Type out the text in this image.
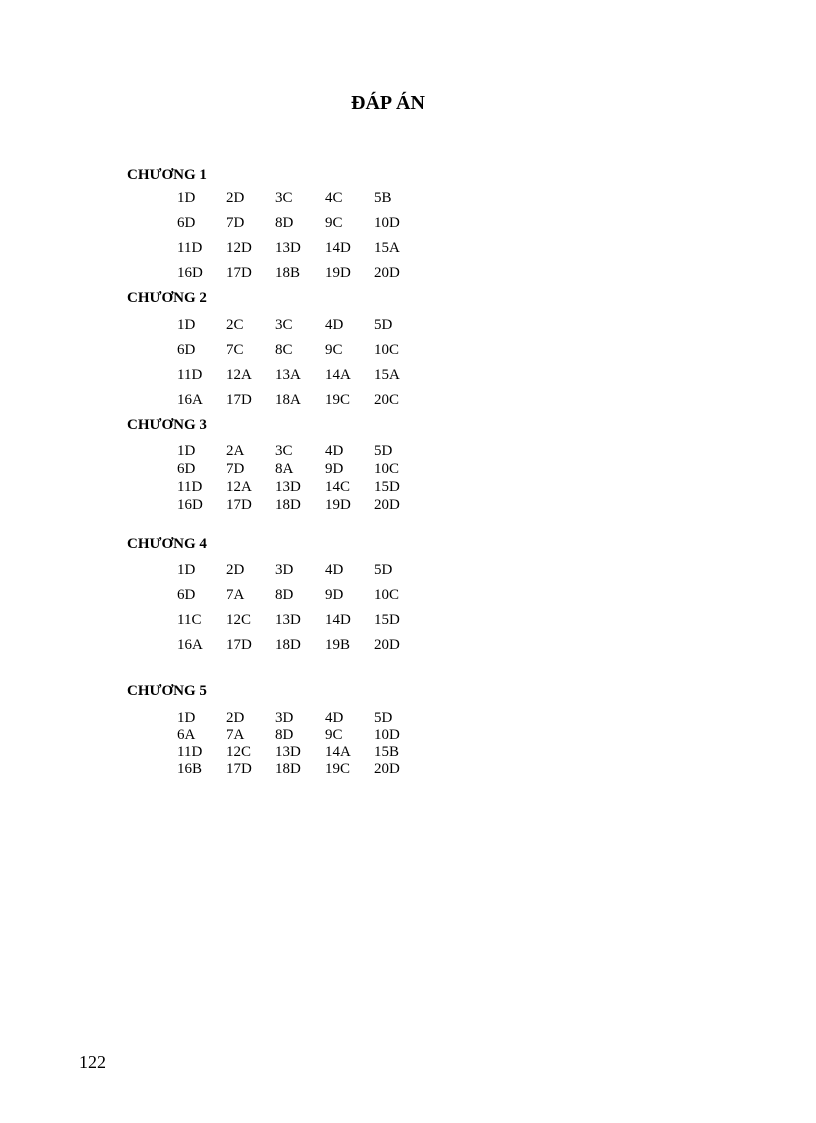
ĐÁP ÁN
CHƯƠNG 1
1D 2D 3C 4C 5B
6D 7D 8D 9C 10D
11D 12D 13D 14D 15A
16D 17D 18B 19D 20D
CHƯƠNG 2
1D 2C 3C 4D 5D
6D 7C 8C 9C 10C
11D 12A 13A 14A 15A
16A 17D 18A 19C 20C
CHƯƠNG 3
1D 2A 3C 4D 5D
6D 7D 8A 9D 10C
11D 12A 13D 14C 15D
16D 17D 18D 19D 20D
CHƯƠNG 4
1D 2D 3D 4D 5D
6D 7A 8D 9D 10C
11C 12C 13D 14D 15D
16A 17D 18D 19B 20D
CHƯƠNG 5
1D 2D 3D 4D 5D
6A 7A 8D 9C 10D
11D 12C 13D 14A 15B
16B 17D 18D 19C 20D
122
